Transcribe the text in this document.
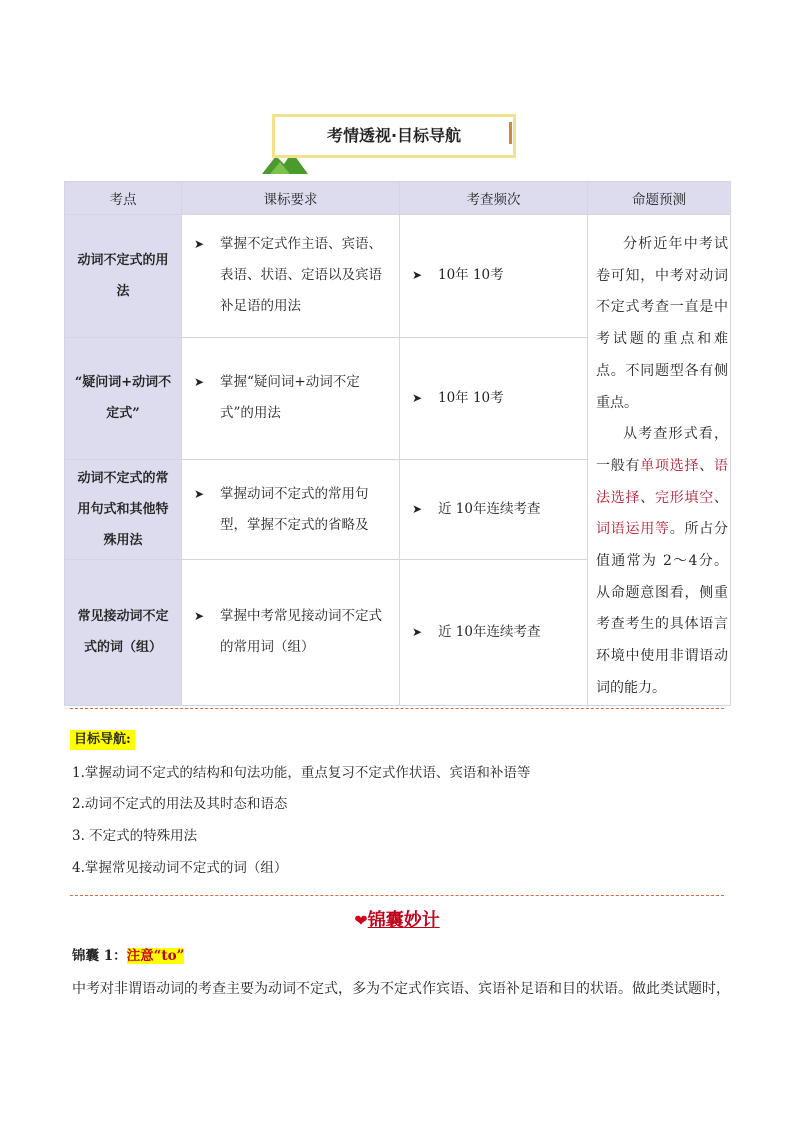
考情透视·目标导航
考点	课标要求	考查频次	命题预测
动词不定式的用法	➤ 掌握不定式作主语、宾语、表语、状语、定语以及宾语补足语的用法	➤ 10年 10考	分析近年中考试卷可知，中考对动词不定式考查一直是中考试题的重点和难点。不同题型各有侧重点。
从考查形式看，一般有单项选择、语法选择、完形填空、词语运用等。所占分值通常为 2～4分。从命题意图看，侧重考查考生的具体语言环境中使用非谓语动词的能力。
“疑问词+动词不定式”	➤ 掌握“疑问词+动词不定式”的用法	➤ 10年 10考	

动词不定式的常用句式和其他特殊用法	➤ 掌握动词不定式的常用句型，掌握不定式的省略及	➤ 近 10年连续考查	

常见接动词不定式的词（组）	➤ 掌握中考常见接动词不定式的常用词（组）	➤ 近 10年连续考查	
目标导航:
1.掌握动词不定式的结构和句法功能，重点复习不定式作状语、宾语和补语等
2.动词不定式的用法及其时态和语态
3. 不定式的特殊用法
4.掌握常见接动词不定式的词（组）
❤锦囊妙计
锦囊 1：注意“to”
中考对非谓语动词的考查主要为动词不定式，多为不定式作宾语、宾语补足语和目的状语。做此类试题时，
